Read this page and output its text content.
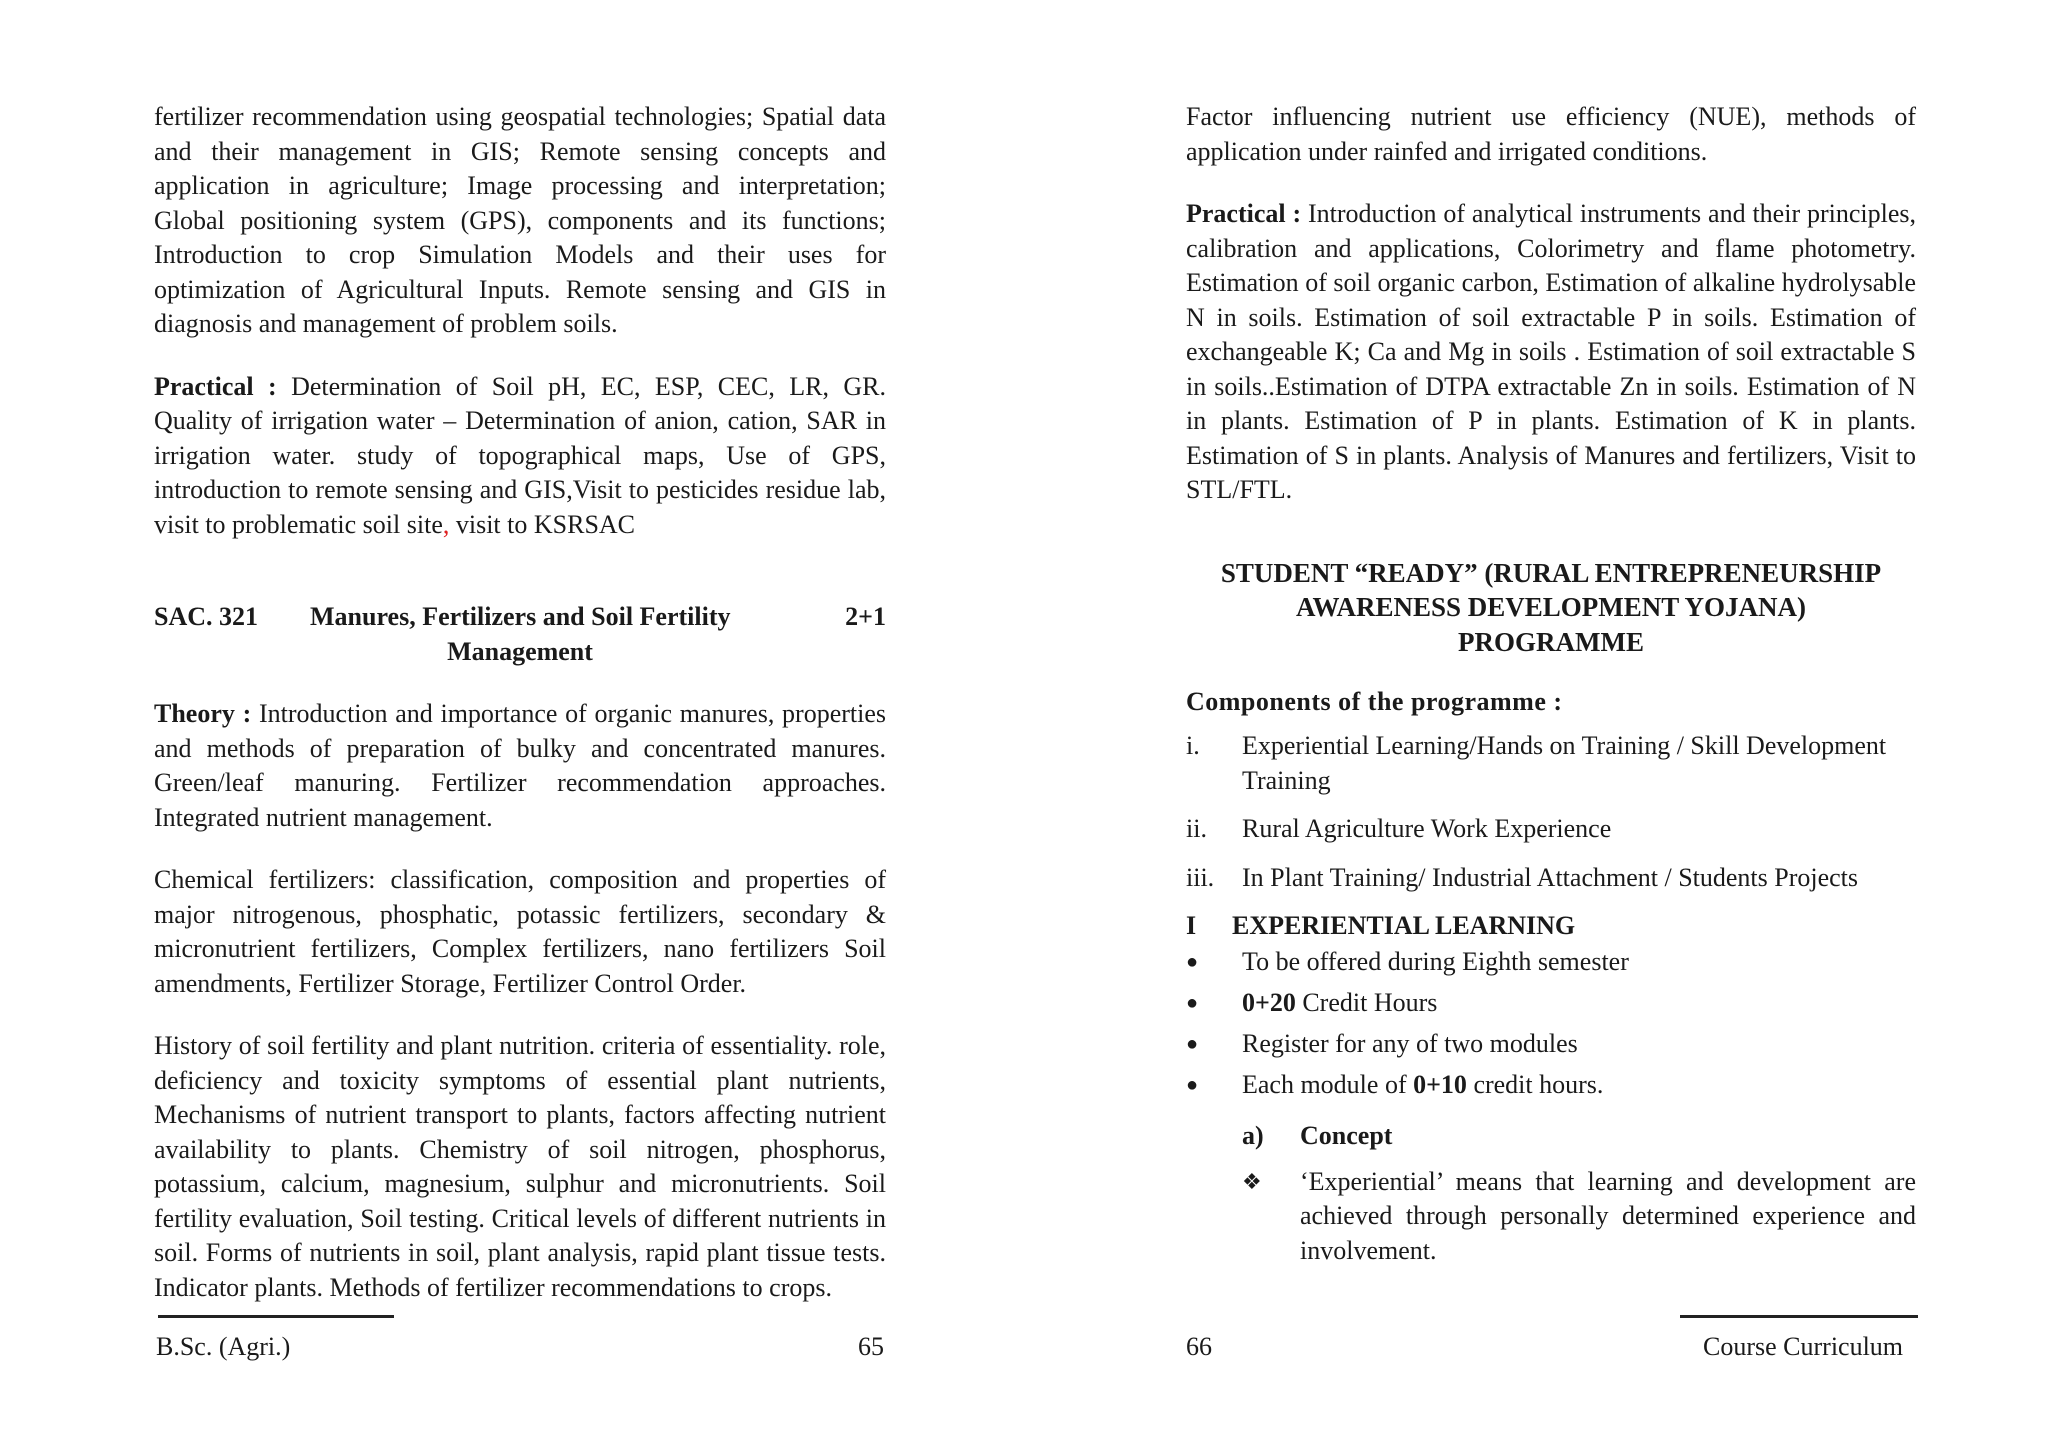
fertilizer recommendation using geospatial technologies; Spatial data and their management in GIS; Remote sensing concepts and application in agriculture; Image processing and interpretation; Global positioning system (GPS), components and its functions; Introduction to crop Simulation Models and their uses for optimization of Agricultural Inputs. Remote sensing and GIS in diagnosis and management of problem soils.

Practical : Determination of Soil pH, EC, ESP, CEC, LR, GR. Quality of irrigation water – Determination of anion, cation, SAR in irrigation water. study of topographical maps, Use of GPS, introduction to remote sensing and GIS,Visit to pesticides residue lab, visit to problematic soil site, visit to KSRSAC

SAC. 321	Manures, Fertilizers and Soil Fertility	2+1
Management

Theory : Introduction and importance of organic manures, properties and methods of preparation of bulky and concentrated manures. Green/leaf manuring. Fertilizer recommendation approaches. Integrated nutrient management.

Chemical fertilizers: classification, composition and properties of major nitrogenous, phosphatic, potassic fertilizers, secondary & micronutrient fertilizers, Complex fertilizers, nano fertilizers Soil amendments, Fertilizer Storage, Fertilizer Control Order.

History of soil fertility and plant nutrition. criteria of essentiality. role, deficiency and toxicity symptoms of essential plant nutrients, Mechanisms of nutrient transport to plants, factors affecting nutrient availability to plants. Chemistry of soil nitrogen, phosphorus, potassium, calcium, magnesium, sulphur and micronutrients. Soil fertility evaluation, Soil testing. Critical levels of different nutrients in soil. Forms of nutrients in soil, plant analysis, rapid plant tissue tests. Indicator plants. Methods of fertilizer recommendations to crops.

B.Sc. (Agri.)	65

Factor influencing nutrient use efficiency (NUE), methods of application under rainfed and irrigated conditions.

Practical : Introduction of analytical instruments and their principles, calibration and applications, Colorimetry and flame photometry. Estimation of soil organic carbon, Estimation of alkaline hydrolysable N in soils. Estimation of soil extractable P in soils. Estimation of exchangeable K; Ca and Mg in soils . Estimation of soil extractable S in soils..Estimation of DTPA extractable Zn in soils. Estimation of N in plants. Estimation of P in plants. Estimation of K in plants. Estimation of S in plants. Analysis of Manures and fertilizers, Visit to STL/FTL.

STUDENT “READY” (RURAL ENTREPRENEURSHIP
AWARENESS DEVELOPMENT YOJANA)
PROGRAMME
Components of the programme :
i.	Experiential Learning/Hands on Training / Skill Development Training
ii.	Rural Agriculture Work Experience
iii.	In Plant Training/ Industrial Attachment / Students Projects
I	EXPERIENTIAL LEARNING
●	To be offered during Eighth semester
●	0+20 Credit Hours
●	Register for any of two modules
●	Each module of 0+10 credit hours.
a)	Concept
❖	‘Experiential’ means that learning and development are achieved through personally determined experience and involvement.

66	Course Curriculum
